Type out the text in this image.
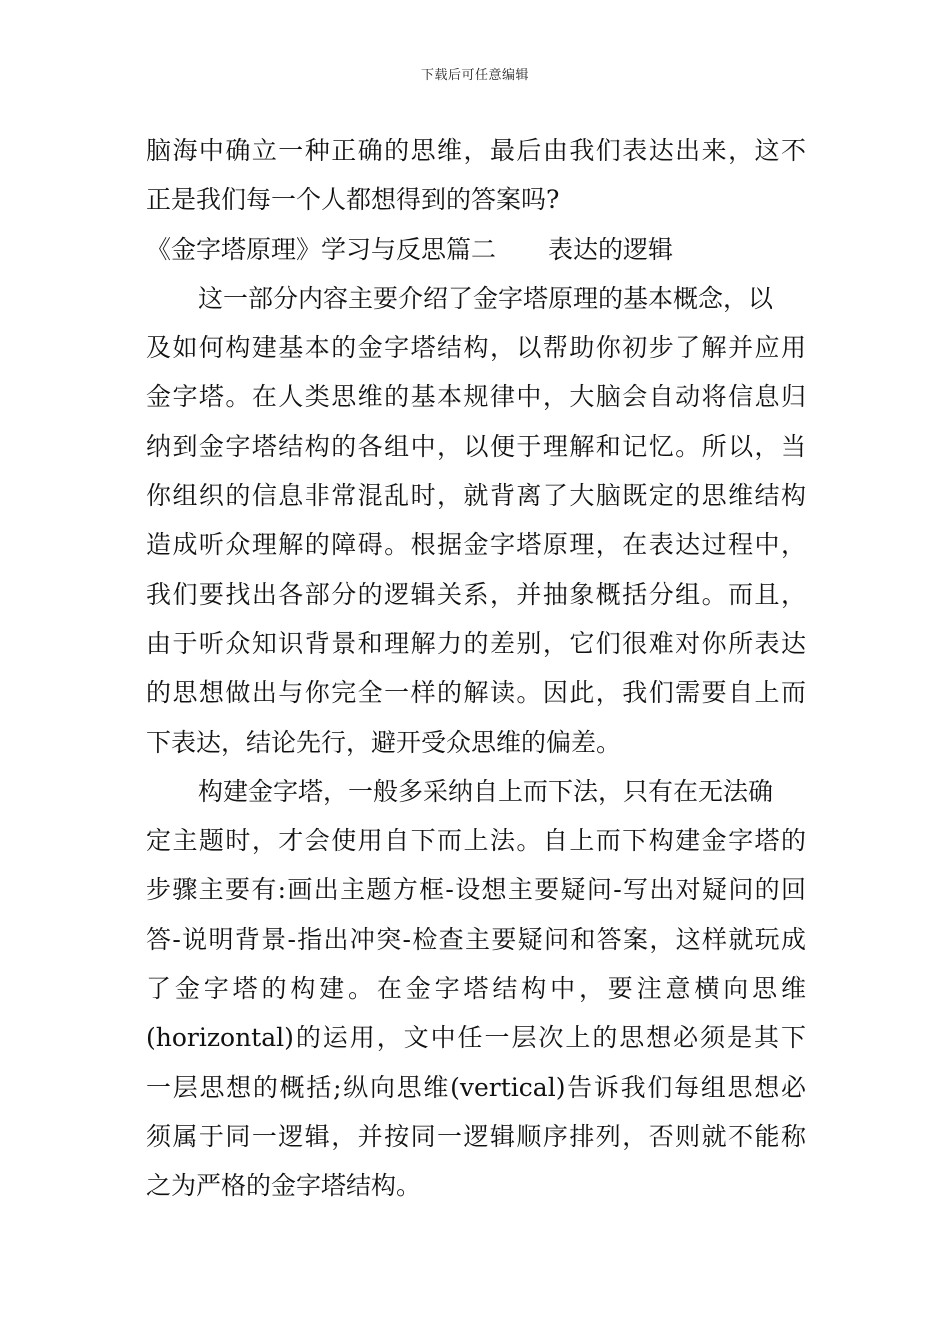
下载后可任意编辑
脑海中确立一种正确的思维，最后由我们表达出来，这不
正是我们每一个人都想得到的答案吗?
《金字塔原理》学习与反思篇二 表达的逻辑
这一部分内容主要介绍了金字塔原理的基本概念，以
及如何构建基本的金字塔结构，以帮助你初步了解并应用
金字塔。在人类思维的基本规律中，大脑会自动将信息归
纳到金字塔结构的各组中，以便于理解和记忆。所以，当
你组织的信息非常混乱时，就背离了大脑既定的思维结构
造成听众理解的障碍。根据金字塔原理，在表达过程中，
我们要找出各部分的逻辑关系，并抽象概括分组。而且，
由于听众知识背景和理解力的差别，它们很难对你所表达
的思想做出与你完全一样的解读。因此，我们需要自上而
下表达，结论先行，避开受众思维的偏差。
构建金字塔，一般多采纳自上而下法，只有在无法确
定主题时，才会使用自下而上法。自上而下构建金字塔的
步骤主要有:画出主题方框-设想主要疑问-写出对疑问的回
答-说明背景-指出冲突-检查主要疑问和答案，这样就玩成
了金字塔的构建。在金字塔结构中，要注意横向思维
(horizontal)的运用，文中任一层次上的思想必须是其下
一层思想的概括;纵向思维(vertical)告诉我们每组思想必
须属于同一逻辑，并按同一逻辑顺序排列，否则就不能称
之为严格的金字塔结构。
